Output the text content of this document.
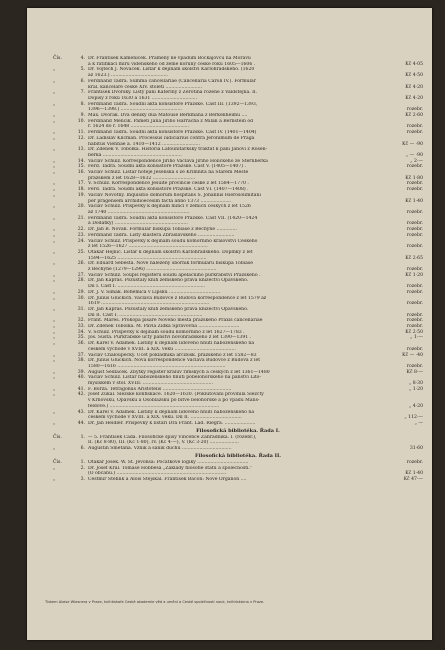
Čís.	4. Dr. František Kameníček. Prameny ke vpádům Bočkajovců na Moravu
a k ratifikaci míru vídeňského od země koruny české roku 1605—1606 .	Kč 4·05
„	5. Dr. Vojtěch J. Nováček. Listář k dějinám školství Karlohradského. (1620
až 1623.) .......................................	Kč 4·50
„	6. Ferdinand Tadra. Summa cancellariae (Cancellaria Caroli IV.). Formulář
král. kanceláře české XIV. století .........................	Kč 4·20
„	7. František Dvorský. Listy paní Kateřiny z Žerotína rozené z Valdštejna. II.
Dopisy z roku 1630 a 1631 ...............................	Kč 4·20
„	8. Ferdinand Tadra. Soudní akta konsistoře Pražské. Část III. (1392—1393,
1396—1398.) ..........................................	rozebr.
„	9. Max. Dvořák. Dva deníky dua Matouše Berkmana z Berkenheimu ....	Kč 2·60
„	10. Ferdinand Menčík. Paměti Jana Jiřího Harracha z Milan a Bernstein od
r. 1624 do r. 1648 ........................................	rozebr.
„	11. Ferdinand Tadra. Soudní akta konsistoře Pražské. Část IV. (1401—1404)	rozebr.
„	12. Dr. Ladislav Klicman. Processus iudiciarius contra Jeronimum de Praga
habitus Viennae a. 1410—1412 ..........................	Kč — ·90
„	13. Dr. Zdeněk V. Tobolka. Historia Lafounitarkský traktát k paní Janovi z Rosen-
berka ......................................................	„ — ·90
„	14. Václav Schulz. Korrespondence Jiřího Václava Jiřího Holického ze Šternberka	„ 2·—
„	15. Ferd. Tadra. Soudní akta konsistoře Pražské. Část V. (1405—1407) .	rozebr.
„	16. Václav Schulz. Listář hoteje Jesenská s ze Křimnita na Starém Městě
pražském z let 1628—1632 .............................	Kč 1·80
„	17. V. Schulz. Korrespondence Jesuité provincie české z let 1584—1770 .	rozebr.
„	18. Ferd. Tadra. Soudní akta konsistoře Pražské. Část VI. (1407—1408) .	rozebr.
„	19. Václav Novotný. Inquisitio domorum hospitalis S. Johannis Hierosolimitani
per pragensem archidioecesim facta anno 1373 .....................	Kč 1·40
„	20. Václav Schulz. Příspěvky k dějinám mincí v zemích českých z let 1526
až 1740 ........................................................	rozebr.
„	21. Ferdinand Tadra. Soudní akta konsistoře Pražské. Část VII. (1420—1424
a Dodatky) ..................................................	rozebr.
„	22. Dr. Jan B. Novák. Formulář biskupa Tobiáše z Bechyně ..............	rozebr.
„	23. Ferdinand Tadra. Listy kláštera Zbraslavského .........................	rozebr.
„	24. Václav Schulz. Příspěvky k dějinám soudu komorního království Českého
z let 1526—1627 ......................................................	rozebr.
„	25. Otakar Hejnic. Listář k dějinám školství Karlohradského. Doplňky z let
1594—1625 .............................................................	Kč 2·65
„	26. Dr. Eduard Šebesta. Nově nalezený sborník formulářů biskupa Tobiáše
z Bechyně (1279—1296) ................................................	rozebr.
„	27. Václav Schulz. Soupis registerů soudu apelačního purkrabství Pražského .	Kč 1·20
„	28. Dr. Jan Kapras. Pozůstalý kníh zemského práva knížectví Opavského.
Díl I. Část I. ............................................................	rozebr.
„	29. Dr. J. V. Šimák. Bohemica v Lipsku ...................................	rozebr.
„	30. Dr. Julius Glückich. Václava Budovce z Budova korrespondence z let 1579 až
1619 ..........................................................................	rozebr.
„	31. Dr. Jan Kapras. Pozůstalý kníh zemského práva knížectví Opavského.
Díl II. Část I. .........................................................	rozebr.
„	32. Frant. Mareš. Prokopa písaře Nového města pražského Praxis cancellariae	rozebr.
„	33. Dr. Zdeněk Tobolka. M. Pavla Žídka Spravovna ............................	rozebr.
„	34. V. Schulz. Příspěvky k dějinám soudu komorního z let 1627—1783 .	Kč 2·50
„	35. Jos. Šusta. Purkrabské účty panství novohradského z let 1390—1391 .	„ 1·—
„	36. Dr. Karel V. Adámek. Listiny k dějinám lidového hnutí náboženského na
českém východě v XVIII. a XIX. věku ..........................................	rozebr.
„	37. Václav Chaloupecký. Účet pokladníka arcibisk. pražského z let 1582—83	Kč — ·40
„	38. Dr. Julius Glückich. Nová korrespondence Václava Budovce z Budova z let
1580—1616 ..........................................................................	rozebr.
„	39. August Sedláček. Zbytky register králův římských a českých z let 1361—1480	Kč 8·—
„	40. Václav Schulz. Listář náboženského hnutí pobělohorského na panství Lito-
myšlském v stol. XVIII. ................................................	„ 8·30
„	41. F. Borza. Tetragonus Aristotelis ...............................................	„ 1·20
„	42. Josef Žukal. Slezské konfiskace. 1620—1630. (Poklutování provinilá Slezčty
v Krnovsku, Opavsku a Osoblažsku po bitvě bělohorské a po vpádu Mans-
feldově.) ...........................................................................	„ 4·20
„	43. Dr. Karel V. Adámek. Listiny k dějinám lidového hnutí náboženského na
českém východě v XVIII. a XIX. věku. Díl II. ...................................	„ 112·—
„	44. Dr. Jan Heidler. Příspěvky k listáři Dra Frant. Lad. Riegra. .....................	„ —
Filosofická bibliotéka. Řada I.
Čís.	1. — 5. František Čáda. Filosofické spisy Vincence Zahradníka. I. (rozebr.),
II. (Kč 8·80), III. (Kč 1·80), IV. (Kč 4·—), V. (Kč 3·20) ....................
„	6. Augustin Smetana. Vznik a sánik duchů ..................................	31·60
Filosofická bibliotéka. Řada II.
Čís.	1. Otakar Josek. W. St. Jevonsa: Počátkové logiky ...................................	rozebr.
„	2. Dr. Josef Král. Tomáše Hobbesa „Základy filosofie státu a společnosti.“
(O občanu.) ...........................................................................	Kč 1·40
„	3. Čestmír Stehlík a Alois Stejskal. František Bacon: Nové Organon ....	Kč 47·—
Tiskem Aloise Wiesnera v Praze, knihtiskaře České akademie věd a umění a České společnosti nauk, knihtiskárna v Praze.
